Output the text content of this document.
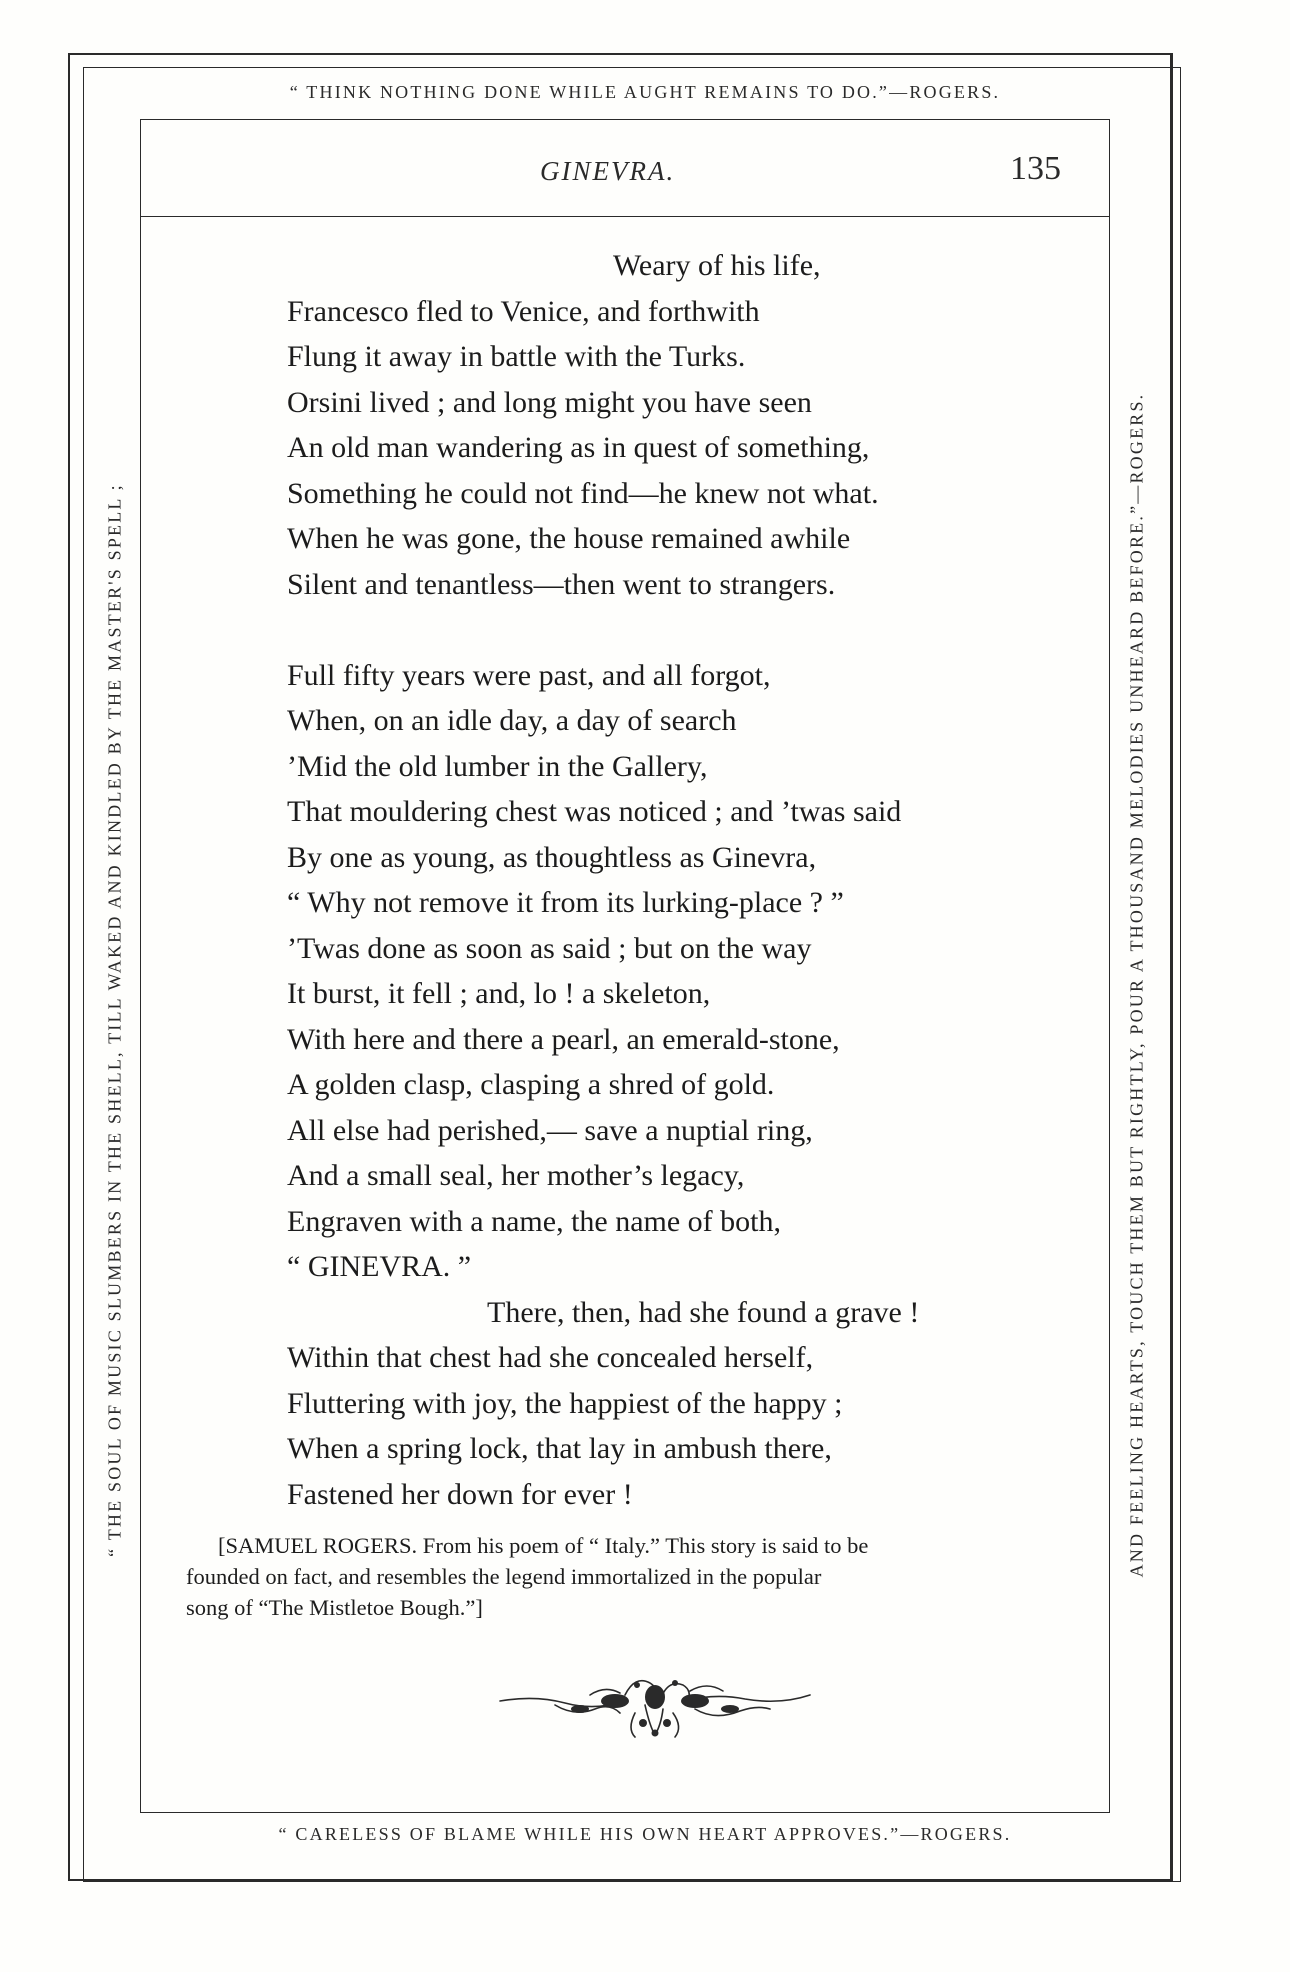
“ THINK NOTHING DONE WHILE AUGHT REMAINS TO DO.”—ROGERS.
“ THE SOUL OF MUSIC SLUMBERS IN THE SHELL, TILL WAKED AND KINDLED BY THE MASTER'S SPELL ;	AND FEELING HEARTS, TOUCH THEM BUT RIGHTLY, POUR A THOUSAND MELODIES UNHEARD BEFORE.”—ROGERS.
“ CARELESS OF BLAME WHILE HIS OWN HEART APPROVES.”—ROGERS.
GINEVRA.	135
Weary of his life,
Francesco fled to Venice, and forthwith
Flung it away in battle with the Turks.
Orsini lived ; and long might you have seen
An old man wandering as in quest of something,
Something he could not find—he knew not what.
When he was gone, the house remained awhile
Silent and tenantless—then went to strangers.
Full fifty years were past, and all forgot,
When, on an idle day, a day of search
’Mid the old lumber in the Gallery,
That mouldering chest was noticed ; and ’twas said
By one as young, as thoughtless as Ginevra,
“ Why not remove it from its lurking-place ? ”
’Twas done as soon as said ; but on the way
It burst, it fell ; and, lo ! a skeleton,
With here and there a pearl, an emerald-stone,
A golden clasp, clasping a shred of gold.
All else had perished,— save a nuptial ring,
And a small seal, her mother’s legacy,
Engraven with a name, the name of both,
“ GINEVRA. ”
There, then, had she found a grave !
Within that chest had she concealed herself,
Fluttering with joy, the happiest of the happy ;
When a spring lock, that lay in ambush there,
Fastened her down for ever !

[SAMUEL ROGERS. From his poem of “ Italy.” This story is said to be

founded on fact, and resembles the legend immortalized in the popular

song of “The Mistletoe Bough.”]
